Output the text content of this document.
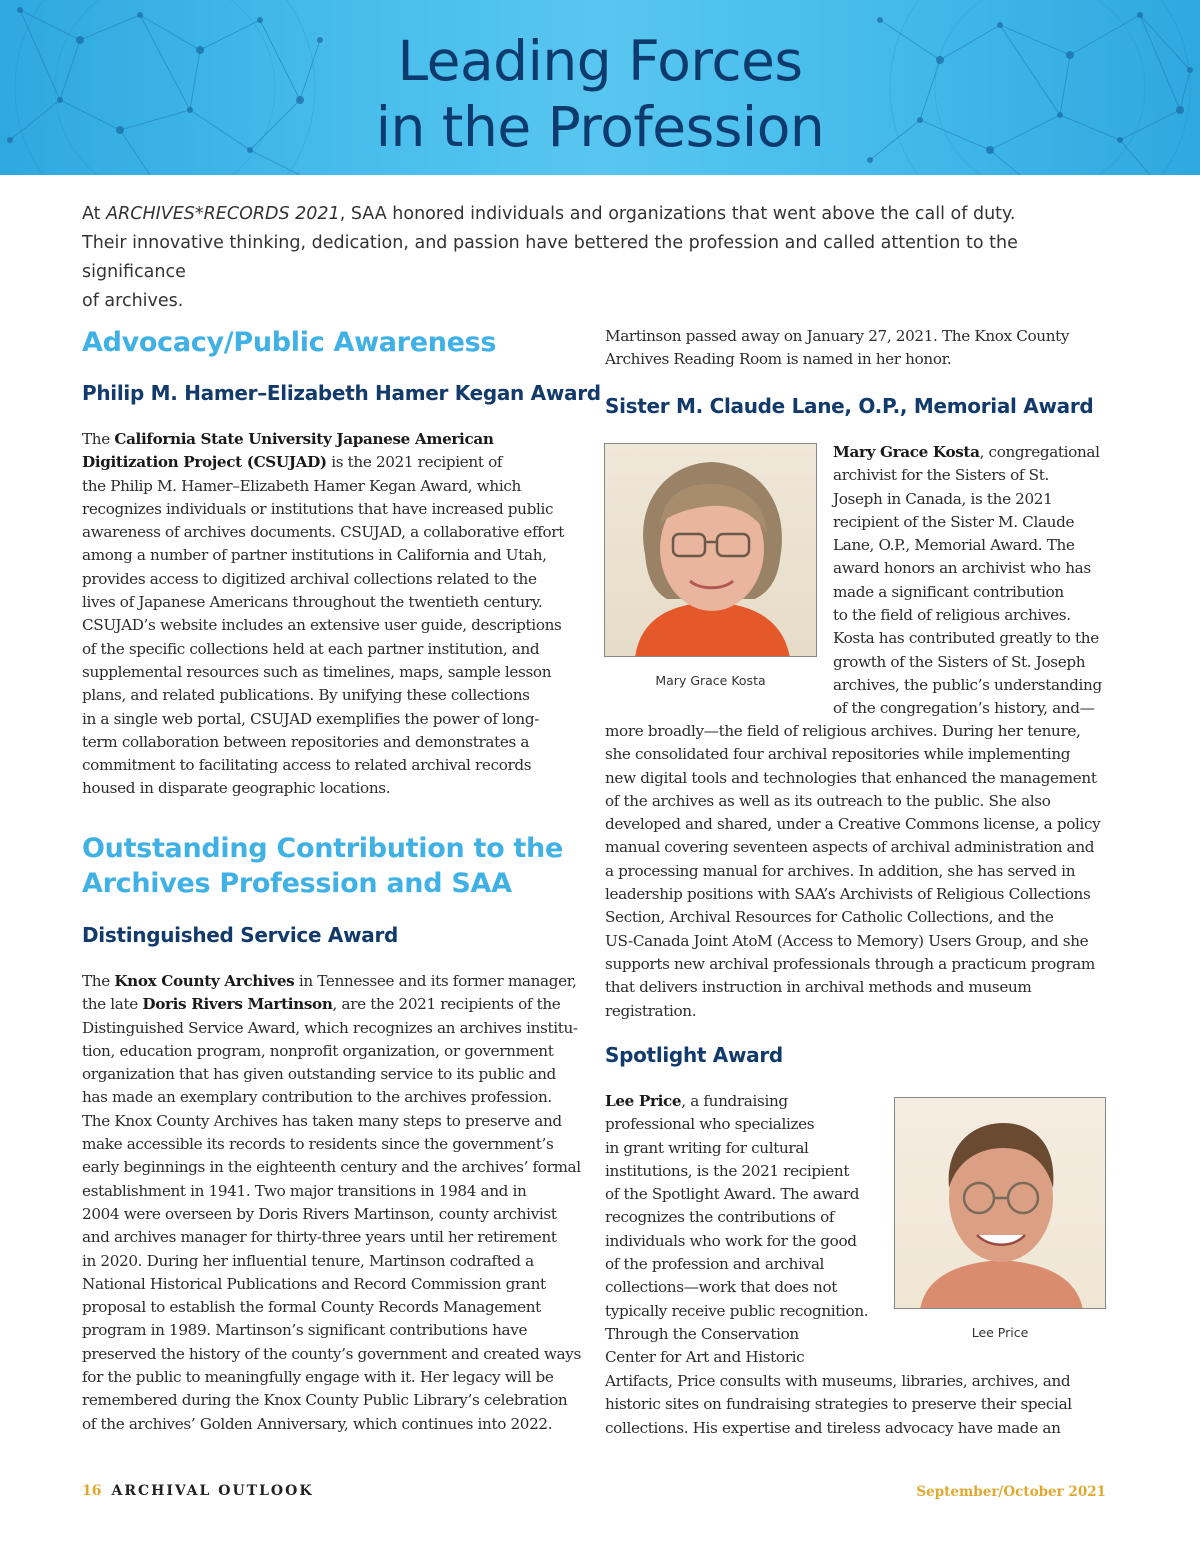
Leading Forces
in the Profession
At ARCHIVES*RECORDS 2021, SAA honored individuals and organizations that went above the call of duty.
Their innovative thinking, dedication, and passion have bettered the profession and called attention to the significance
of archives.
Advocacy/Public Awareness
Philip M. Hamer–Elizabeth Hamer Kegan Award
The California State University Japanese American
Digitization Project (CSUJAD) is the 2021 recipient of
the Philip M. Hamer–Elizabeth Hamer Kegan Award, which
recognizes individuals or institutions that have increased public
awareness of archives documents. CSUJAD, a collaborative effort
among a number of partner institutions in California and Utah,
provides access to digitized archival collections related to the
lives of Japanese Americans throughout the twentieth century.
CSUJAD’s website includes an extensive user guide, descriptions
of the specific collections held at each partner institution, and
supplemental resources such as timelines, maps, sample lesson
plans, and related publications. By unifying these collections
in a single web portal, CSUJAD exemplifies the power of long-
term collaboration between repositories and demonstrates a
commitment to facilitating access to related archival records
housed in disparate geographic locations.
Outstanding Contribution to the
Archives Profession and SAA
Distinguished Service Award
The Knox County Archives in Tennessee and its former manager,
the late Doris Rivers Martinson, are the 2021 recipients of the
Distinguished Service Award, which recognizes an archives institu-
tion, education program, nonprofit organization, or government
organization that has given outstanding service to its public and
has made an exemplary contribution to the archives profession.
The Knox County Archives has taken many steps to preserve and
make accessible its records to residents since the government’s
early beginnings in the eighteenth century and the archives’ formal
establishment in 1941. Two major transitions in 1984 and in
2004 were overseen by Doris Rivers Martinson, county archivist
and archives manager for thirty-three years until her retirement
in 2020. During her influential tenure, Martinson codrafted a
National Historical Publications and Record Commission grant
proposal to establish the formal County Records Management
program in 1989. Martinson’s significant contributions have
preserved the history of the county’s government and created ways
for the public to meaningfully engage with it. Her legacy will be
remembered during the Knox County Public Library’s celebration
of the archives’ Golden Anniversary, which continues into 2022.
Martinson passed away on January 27, 2021. The Knox County
Archives Reading Room is named in her honor.
Sister M. Claude Lane, O.P., Memorial Award
Mary Grace Kosta
Mary Grace Kosta, congregational
archivist for the Sisters of St.
Joseph in Canada, is the 2021
recipient of the Sister M. Claude
Lane, O.P., Memorial Award. The
award honors an archivist who has
made a significant contribution
to the field of religious archives.
Kosta has contributed greatly to the
growth of the Sisters of St. Joseph
archives, the public’s understanding
of the congregation’s history, and—
more broadly—the field of religious archives. During her tenure,
she consolidated four archival repositories while implementing
new digital tools and technologies that enhanced the management
of the archives as well as its outreach to the public. She also
developed and shared, under a Creative Commons license, a policy
manual covering seventeen aspects of archival administration and
a processing manual for archives. In addition, she has served in
leadership positions with SAA’s Archivists of Religious Collections
Section, Archival Resources for Catholic Collections, and the
US-Canada Joint AtoM (Access to Memory) Users Group, and she
supports new archival professionals through a practicum program
that delivers instruction in archival methods and museum
registration.
Spotlight Award
Lee Price, a fundraising
professional who specializes
in grant writing for cultural
institutions, is the 2021 recipient
of the Spotlight Award. The award
recognizes the contributions of
individuals who work for the good
of the profession and archival
collections—work that does not
typically receive public recognition.
Through the Conservation
Center for Art and Historic
Lee Price
Artifacts, Price consults with museums, libraries, archives, and
historic sites on fundraising strategies to preserve their special
collections. His expertise and tireless advocacy have made an
16 ARCHIVAL OUTLOOK	September/October 2021
